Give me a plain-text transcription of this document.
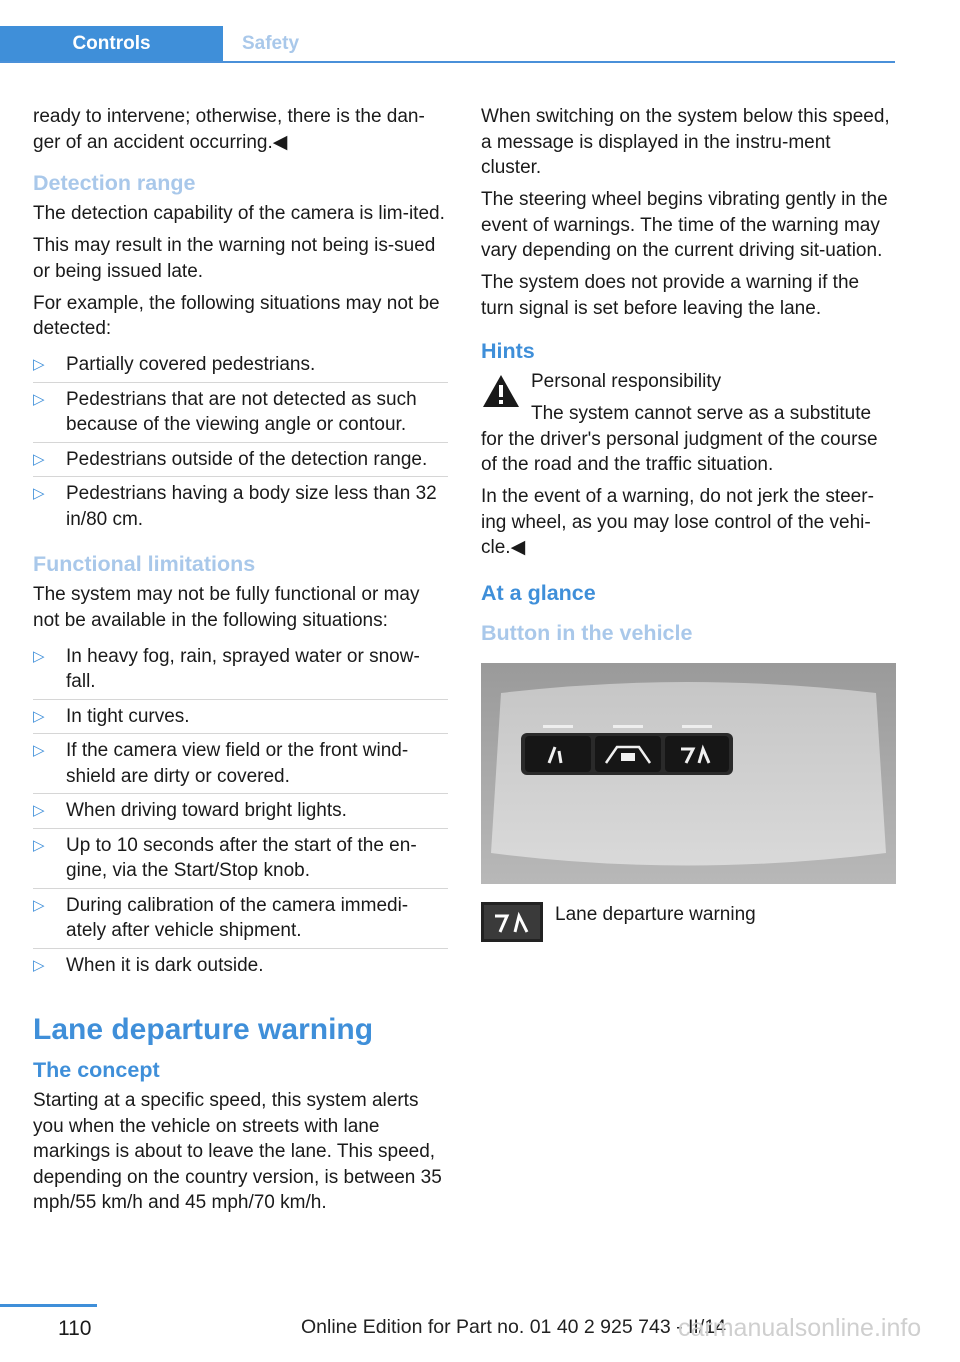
Controls	Safety

ready to intervene; otherwise, there is the dan‐ger of an accident occurring.◀

Detection range

The detection capability of the camera is lim‐ited.

This may result in the warning not being is‐sued or being issued late.

For example, the following situations may not be detected:

▷ Partially covered pedestrians.
▷ Pedestrians that are not detected as such because of the viewing angle or contour.
▷ Pedestrians outside of the detection range.
▷ Pedestrians having a body size less than 32 in/80 cm.
Functional limitations

The system may not be fully functional or may not be available in the following situations:

▷ In heavy fog, rain, sprayed water or snow‐fall.
▷ In tight curves.
▷ If the camera view field or the front wind‐shield are dirty or covered.
▷ When driving toward bright lights.
▷ Up to 10 seconds after the start of the en‐gine, via the Start/Stop knob.
▷ During calibration of the camera immedi‐ately after vehicle shipment.
▷ When it is dark outside.
Lane departure warning
The concept

Starting at a specific speed, this system alerts you when the vehicle on streets with lane markings is about to leave the lane. This speed, depending on the country version, is between 35 mph/55 km/h and 45 mph/70 km/h.

When switching on the system below this speed, a message is displayed in the instru‐ment cluster.

The steering wheel begins vibrating gently in the event of warnings. The time of the warning may vary depending on the current driving sit‐uation.

The system does not provide a warning if the turn signal is set before leaving the lane.

Hints

Personal responsibility

The system cannot serve as a substitute for the driver's personal judgment of the course of the road and the traffic situation.

In the event of a warning, do not jerk the steer‐ing wheel, as you may lose control of the vehi‐cle.◀

At a glance
Button in the vehicle
Lane departure warning
110	Online Edition for Part no. 01 40 2 925 743 - II/14
carmanualsonline.info
